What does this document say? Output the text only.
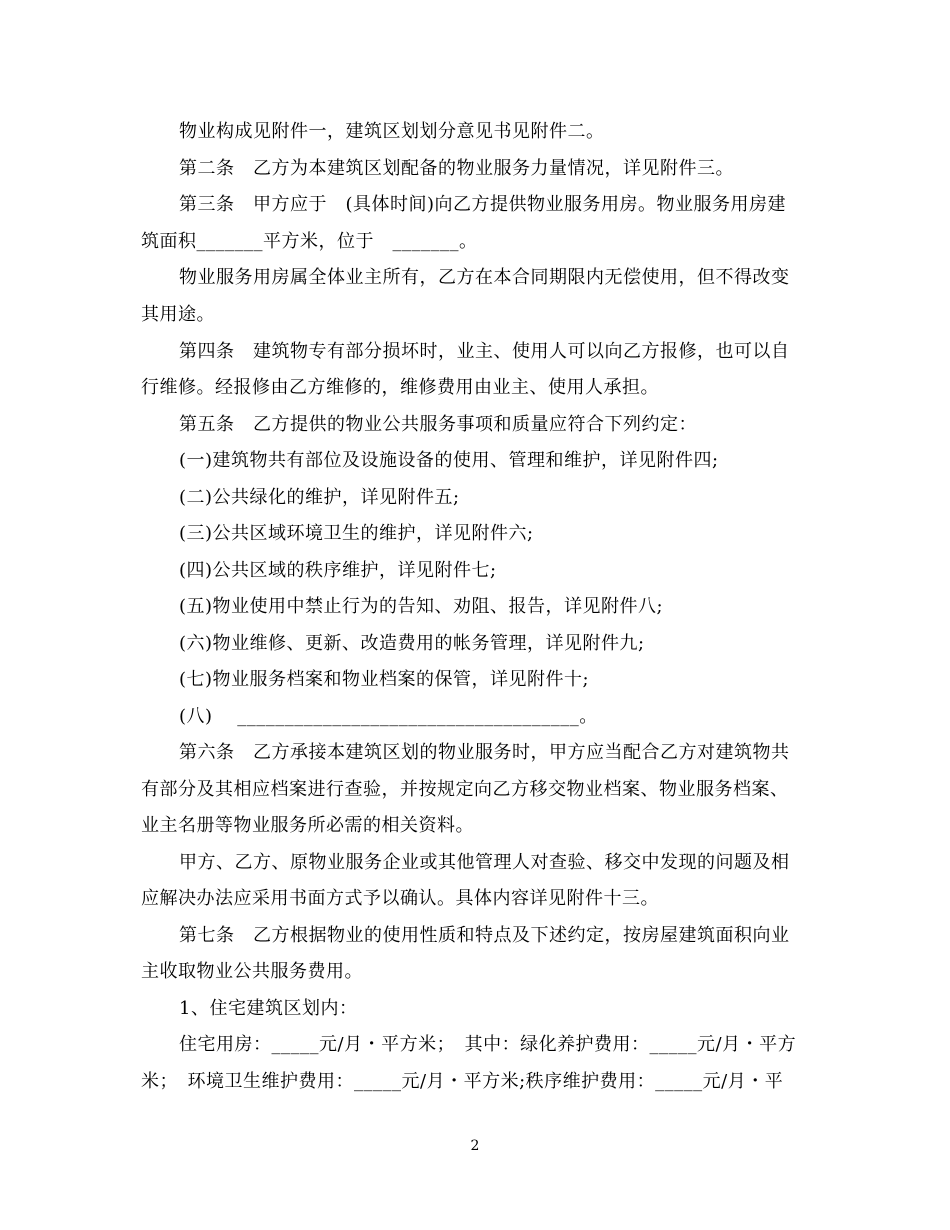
物业构成见附件一，建筑区划划分意见书见附件二。
第二条　乙方为本建筑区划配备的物业服务力量情况，详见附件三。
第三条　甲方应于　(具体时间)向乙方提供物业服务用房。物业服务用房建
筑面积_______平方米，位于　_______。
物业服务用房属全体业主所有，乙方在本合同期限内无偿使用，但不得改变
其用途。
第四条　建筑物专有部分损坏时，业主、使用人可以向乙方报修，也可以自
行维修。经报修由乙方维修的，维修费用由业主、使用人承担。
第五条　乙方提供的物业公共服务事项和质量应符合下列约定：
(一)建筑物共有部位及设施设备的使用、管理和维护，详见附件四;
(二)公共绿化的维护，详见附件五;
(三)公共区域环境卫生的维护，详见附件六;
(四)公共区域的秩序维护，详见附件七;
(五)物业使用中禁止行为的告知、劝阻、报告，详见附件八;
(六)物业维修、更新、改造费用的帐务管理，详见附件九;
(七)物业服务档案和物业档案的保管，详见附件十;
(八)　 ____________________________________。
第六条　乙方承接本建筑区划的物业服务时，甲方应当配合乙方对建筑物共
有部分及其相应档案进行查验，并按规定向乙方移交物业档案、物业服务档案、
业主名册等物业服务所必需的相关资料。
甲方、乙方、原物业服务企业或其他管理人对查验、移交中发现的问题及相
应解决办法应采用书面方式予以确认。具体内容详见附件十三。
第七条　乙方根据物业的使用性质和特点及下述约定，按房屋建筑面积向业
主收取物业公共服务费用。
1、住宅建筑区划内：
住宅用房：_____元/月・平方米；　其中：绿化养护费用：_____元/月・平方
米；　环境卫生维护费用：_____元/月・平方米;秩序维护费用：_____元/月・平
2
